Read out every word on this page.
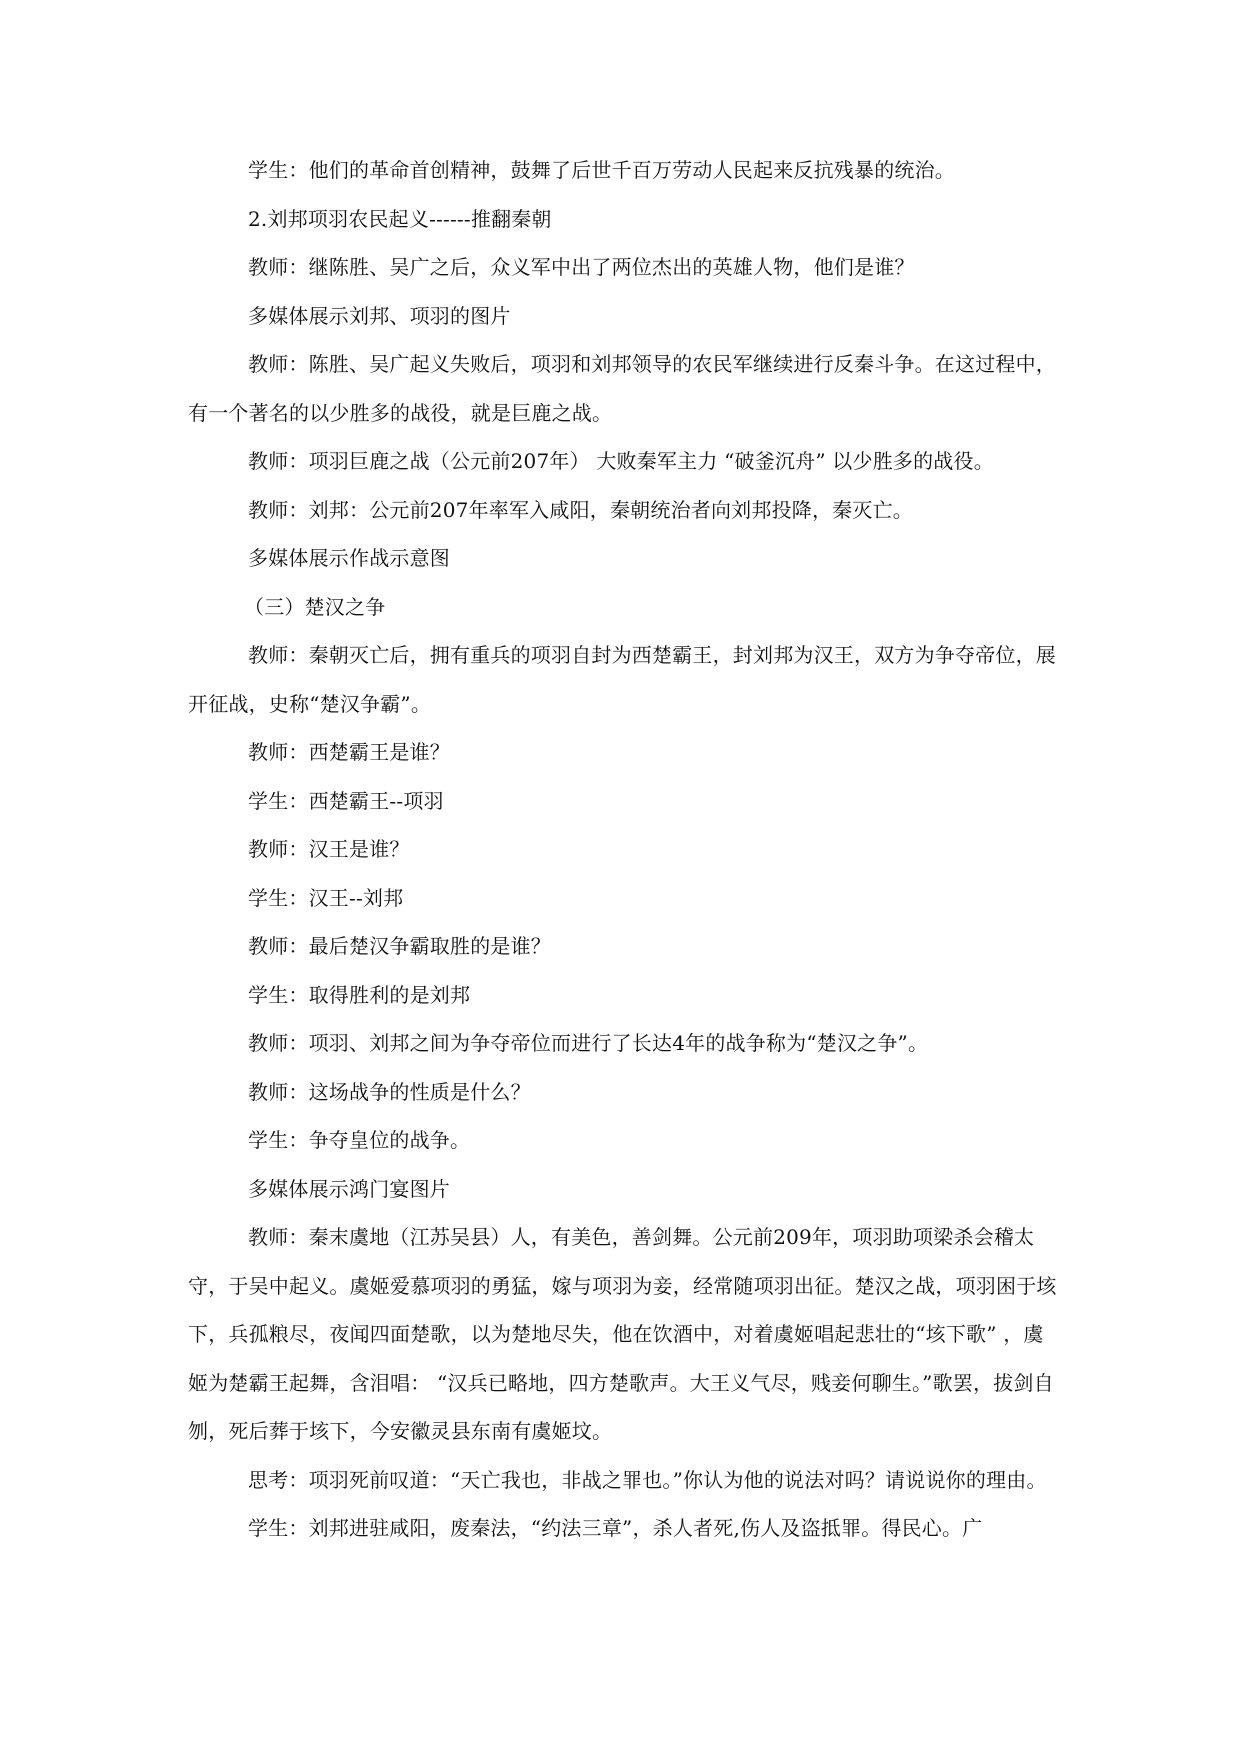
学生：他们的革命首创精神，鼓舞了后世千百万劳动人民起来反抗残暴的统治。

2.刘邦项羽农民起义------推翻秦朝

教师：继陈胜、吴广之后，众义军中出了两位杰出的英雄人物，他们是谁？

多媒体展示刘邦、项羽的图片

教师：陈胜、吴广起义失败后，项羽和刘邦领导的农民军继续进行反秦斗争。在这过程中，有一个著名的以少胜多的战役，就是巨鹿之战。

教师：项羽巨鹿之战（公元前207年） 大败秦军主力 “破釜沉舟” 以少胜多的战役。

教师：刘邦：公元前207年率军入咸阳，秦朝统治者向刘邦投降，秦灭亡。

多媒体展示作战示意图

（三）楚汉之争

教师：秦朝灭亡后，拥有重兵的项羽自封为西楚霸王，封刘邦为汉王，双方为争夺帝位，展开征战，史称“楚汉争霸”。

教师：西楚霸王是谁？

学生：西楚霸王--项羽

教师：汉王是谁？

学生：汉王--刘邦

教师：最后楚汉争霸取胜的是谁？

学生：取得胜利的是刘邦

教师：项羽、刘邦之间为争夺帝位而进行了长达4年的战争称为“楚汉之争”。

教师：这场战争的性质是什么？

学生：争夺皇位的战争。

多媒体展示鸿门宴图片

教师：秦末虞地（江苏吴县）人，有美色，善剑舞。公元前209年，项羽助项梁杀会稽太守，于吴中起义。虞姬爱慕项羽的勇猛，嫁与项羽为妾，经常随项羽出征。楚汉之战，项羽困于垓下，兵孤粮尽，夜闻四面楚歌，以为楚地尽失，他在饮酒中，对着虞姬唱起悲壮的“垓下歌” ，虞姬为楚霸王起舞，含泪唱： “汉兵已略地，四方楚歌声。大王义气尽，贱妾何聊生。”歌罢，拔剑自刎，死后葬于垓下，今安徽灵县东南有虞姬坟。

思考：项羽死前叹道：“天亡我也，非战之罪也。”你认为他的说法对吗？请说说你的理由。

学生：刘邦进驻咸阳，废秦法，“约法三章”，杀人者死,伤人及盗抵罪。得民心。广
